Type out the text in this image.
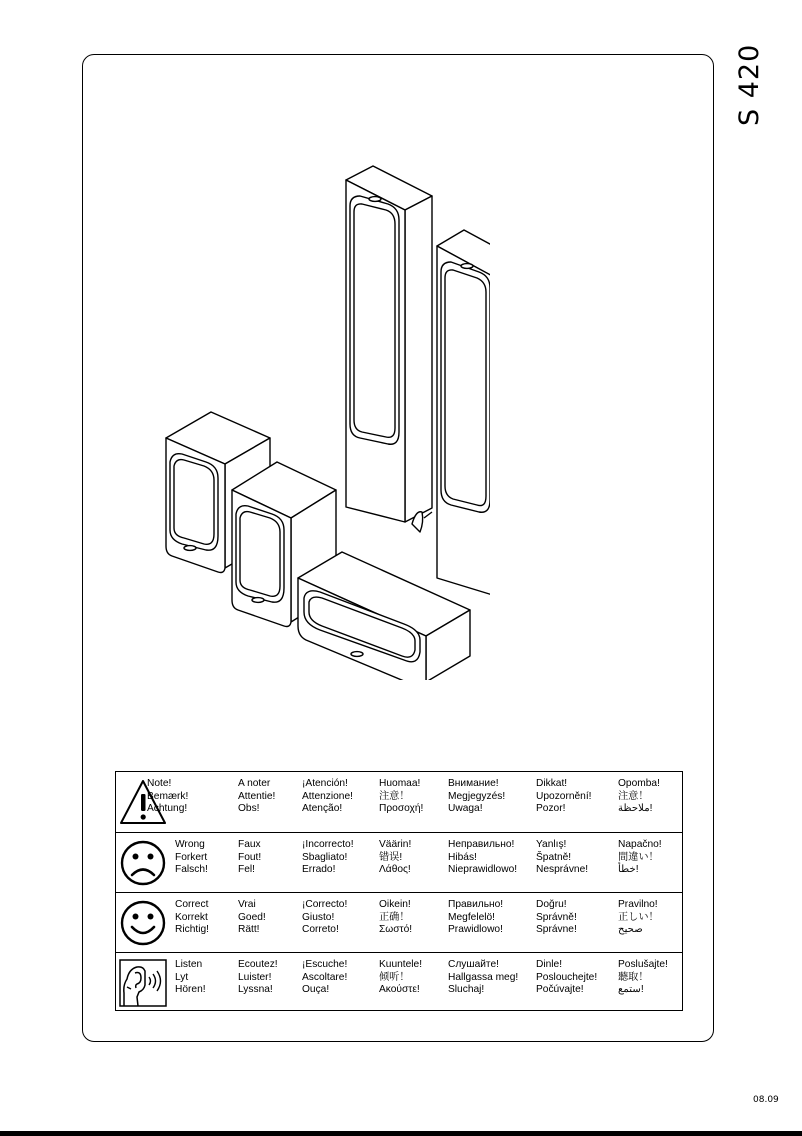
S 420
08.09
Note!
Bemærk!
Achtung!
A noter
Attentie!
Obs!
¡Atención!
Attenzione!
Atenção!
Huomaa!
注意！
Προσοχή!
Внимание!
Megjegyzés!
Uwaga!
Dikkat!
Upozornění!
Pozor!
Opomba!
注意！
ملاحظة!
Wrong
Forkert
Falsch!
Faux
Fout!
Fel!
¡Incorrecto!
Sbagliato!
Errado!
Väärin!
错误!
Λάθος!
Неправильно!
Hibás!
Nieprawidlowo!
Yanlış!
Špatně!
Nesprávne!
Napačno!
間違い！
خطأ!
Correct
Korrekt
Richtig!
Vrai
Goed!
Rätt!
¡Correcto!
Giusto!
Correto!
Oikein!
正确！
Σωστό!
Правильно!
Megfelelö!
Prawidlowo!
Doğru!
Správně!
Správne!
Pravilno!
正しい！
صحيح
Listen
Lyt
Hören!
Ecoutez!
Luister!
Lyssna!
¡Escuche!
Ascoltare!
Ouça!
Kuuntele!
倾听！
Ακούστε!
Слушайте!
Hallgassa meg!
Sluchaj!
Dinle!
Poslouchejte!
Počúvajte!
Poslušajte!
聽取！
ستمع!
